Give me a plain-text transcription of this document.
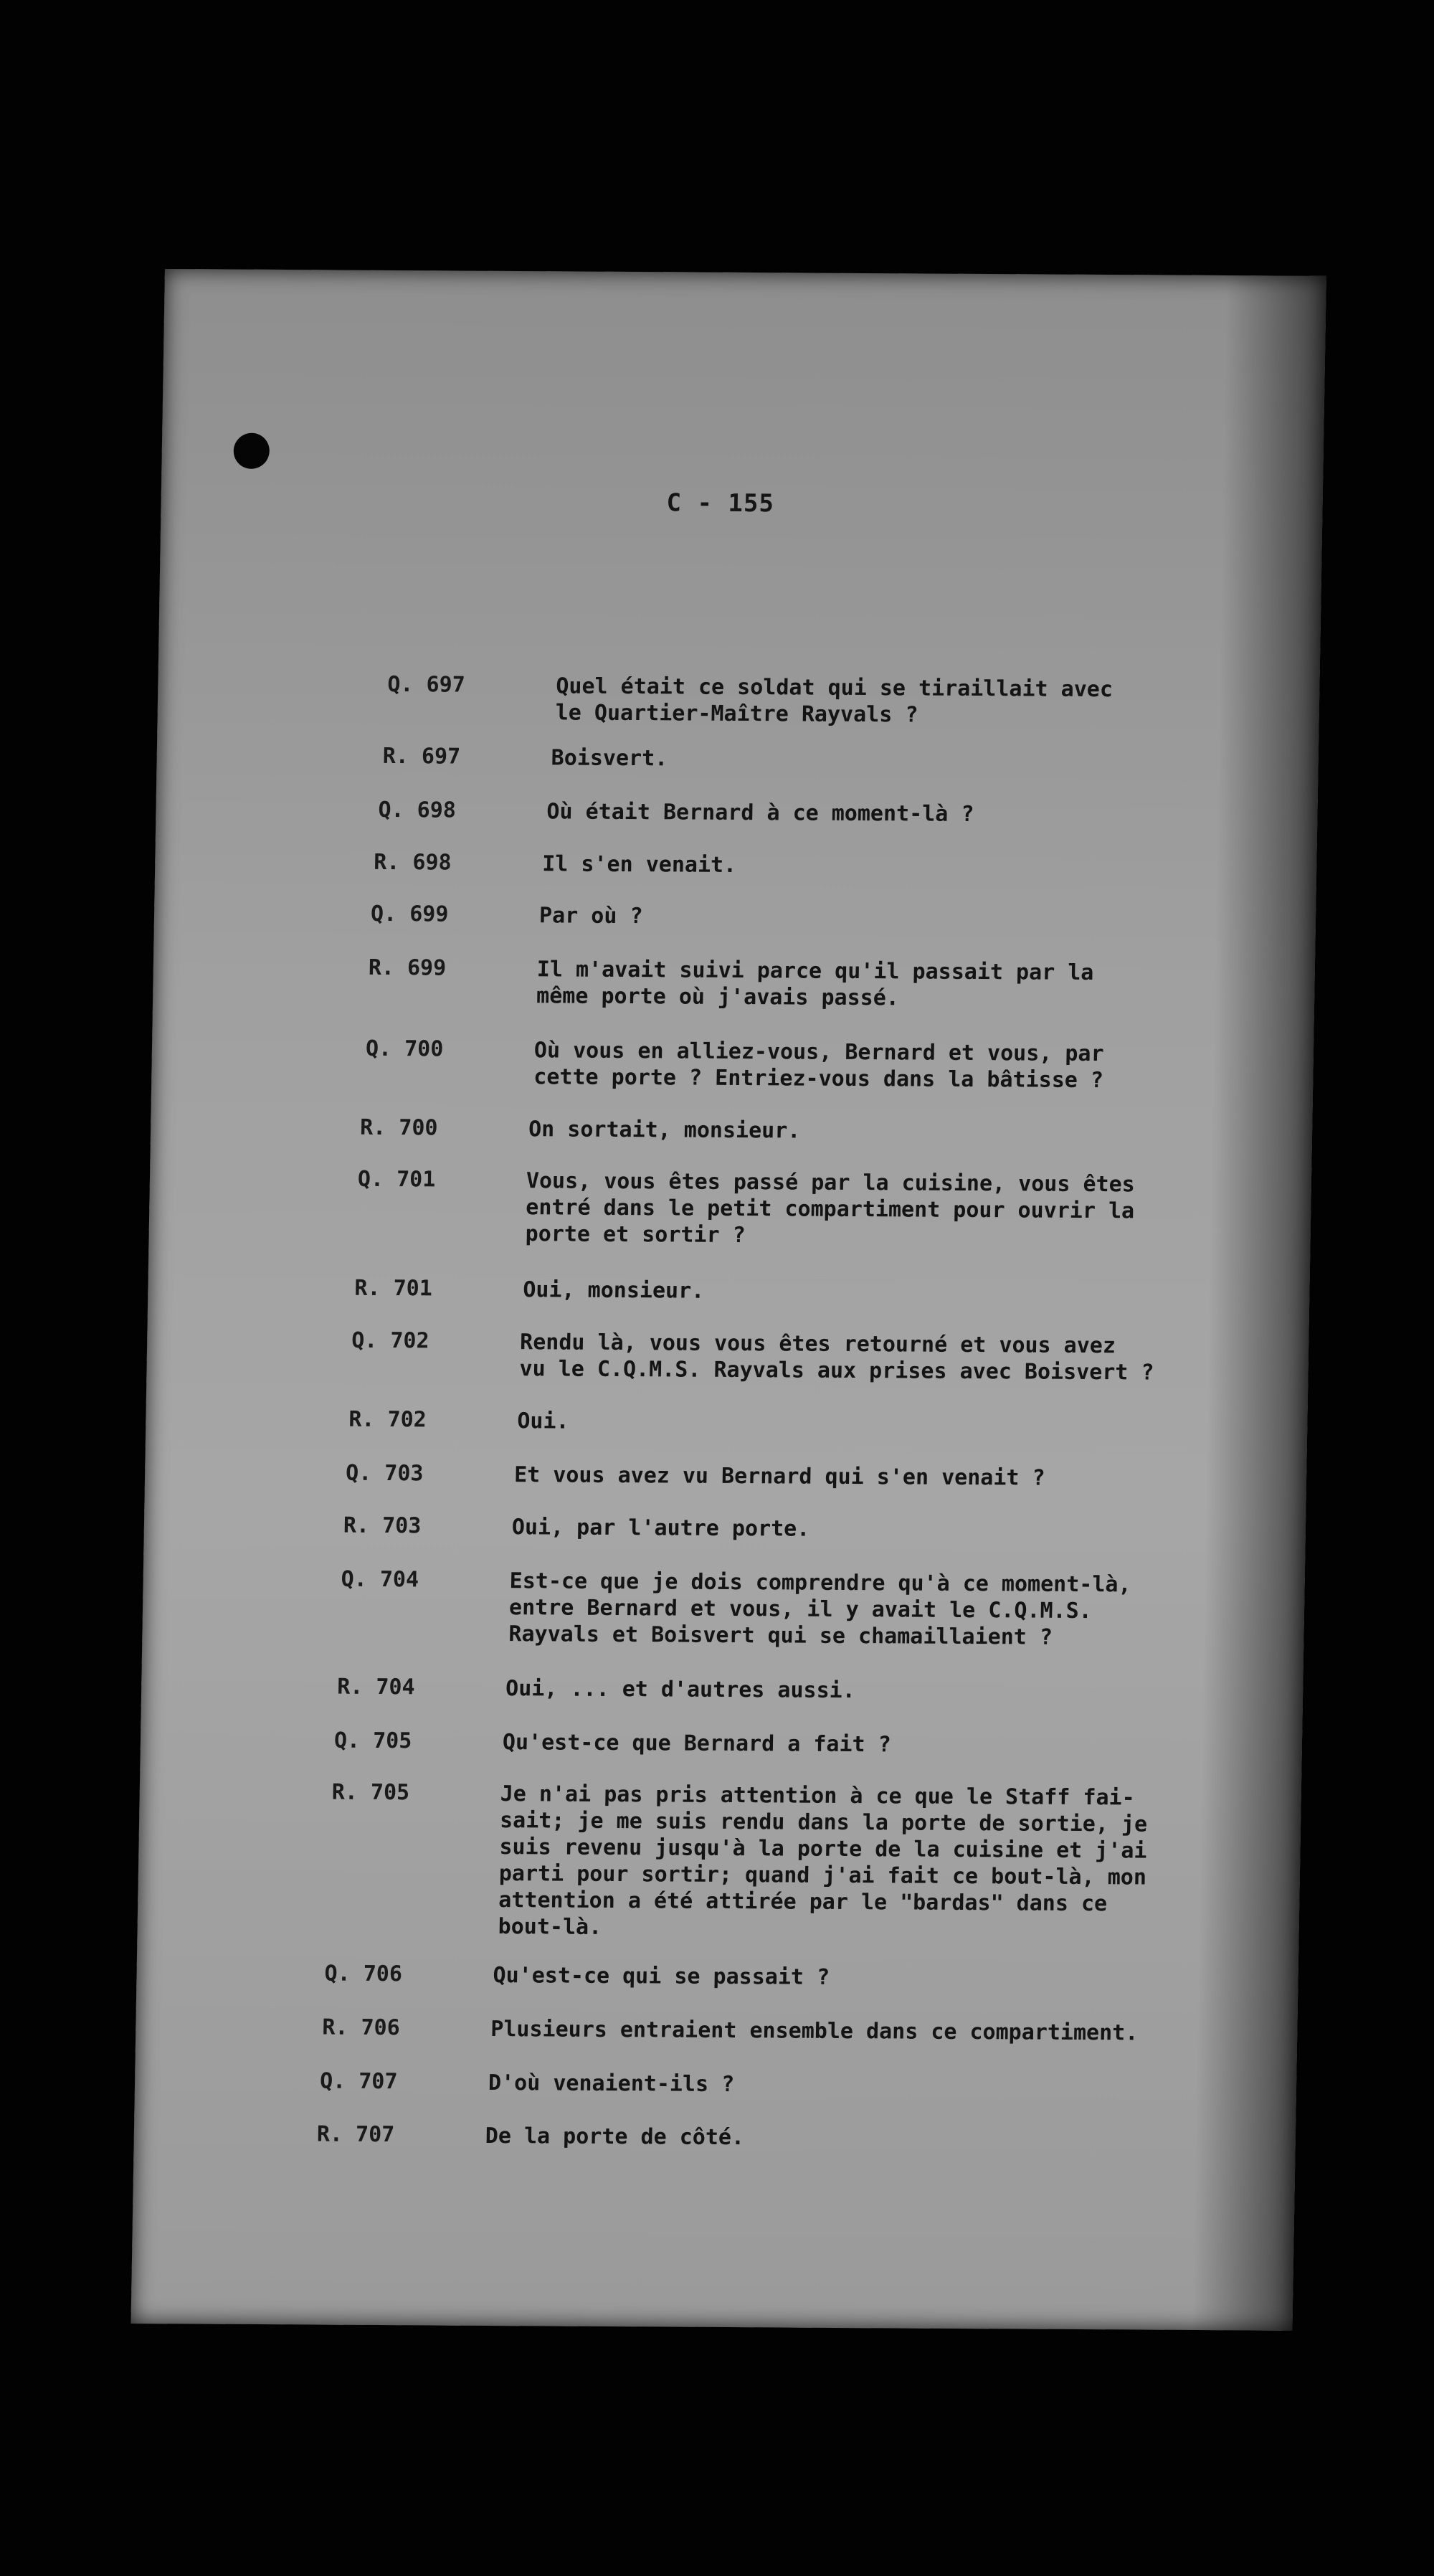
C - 155
Q. 697	Quel était ce soldat qui se tiraillait avec
le Quartier-Maître Rayvals ?
R. 697	Boisvert.
Q. 698	Où était Bernard à ce moment-là ?
R. 698	Il s'en venait.
Q. 699	Par où ?
R. 699	Il m'avait suivi parce qu'il passait par la
même porte où j'avais passé.
Q. 700	Où vous en alliez-vous, Bernard et vous, par
cette porte ? Entriez-vous dans la bâtisse ?
R. 700	On sortait, monsieur.
Q. 701	Vous, vous êtes passé par la cuisine, vous êtes
entré dans le petit compartiment pour ouvrir la
porte et sortir ?
R. 701	Oui, monsieur.
Q. 702	Rendu là, vous vous êtes retourné et vous avez
vu le C.Q.M.S. Rayvals aux prises avec Boisvert ?
R. 702	Oui.
Q. 703	Et vous avez vu Bernard qui s'en venait ?
R. 703	Oui, par l'autre porte.
Q. 704	Est-ce que je dois comprendre qu'à ce moment-là,
entre Bernard et vous, il y avait le C.Q.M.S.
Rayvals et Boisvert qui se chamaillaient ?
R. 704	Oui, ... et d'autres aussi.
Q. 705	Qu'est-ce que Bernard a fait ?
R. 705	Je n'ai pas pris attention à ce que le Staff fai-
sait; je me suis rendu dans la porte de sortie, je
suis revenu jusqu'à la porte de la cuisine et j'ai
parti pour sortir; quand j'ai fait ce bout-là, mon
attention a été attirée par le "bardas" dans ce
bout-là.
Q. 706	Qu'est-ce qui se passait ?
R. 706	Plusieurs entraient ensemble dans ce compartiment.
Q. 707	D'où venaient-ils ?
R. 707	De la porte de côté.
